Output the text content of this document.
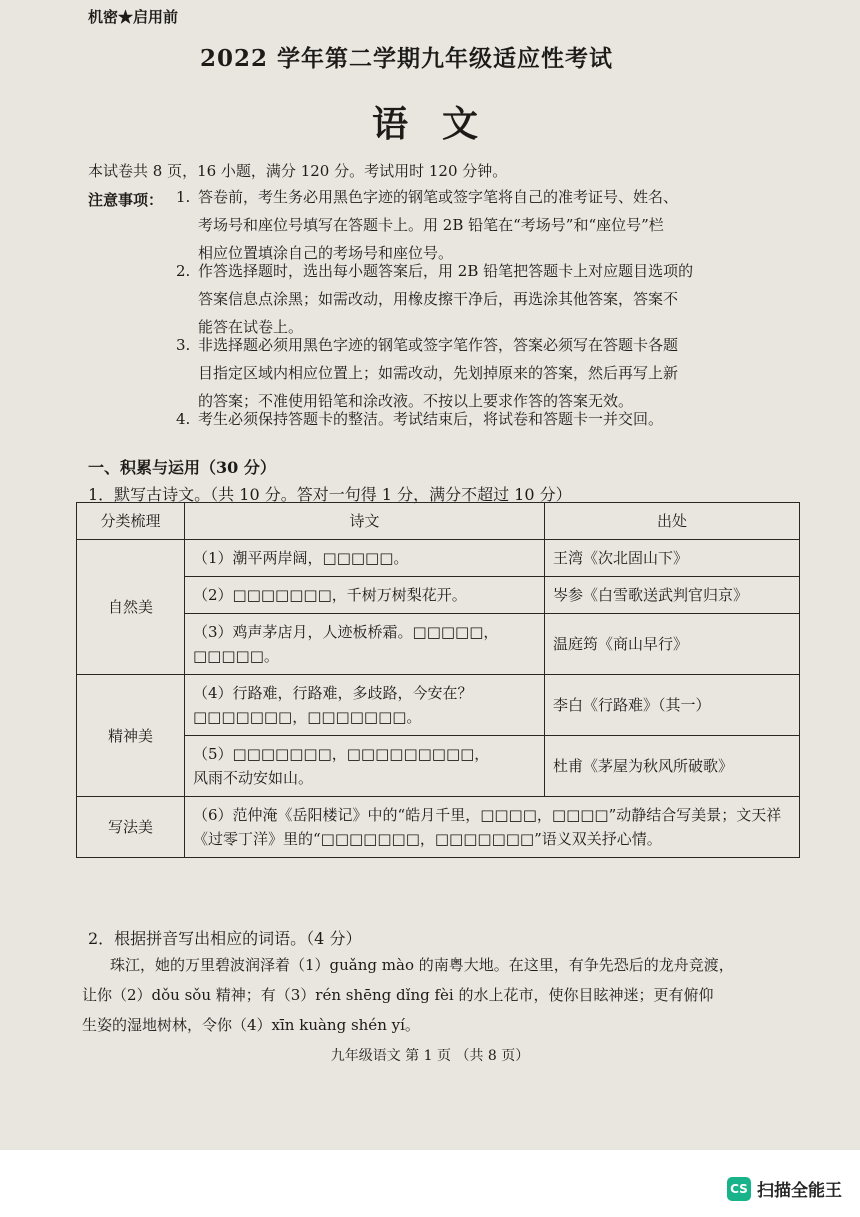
机密★启用前
2022 学年第二学期九年级适应性考试
语文
本试卷共 8 页，16 小题，满分 120 分。考试用时 120 分钟。
注意事项： 1. 答卷前，考生务必用黑色字迹的钢笔或签字笔将自己的准考证号、姓名、
考场号和座位号填写在答题卡上。用 2B 铅笔在“考场号”和“座位号”栏
相应位置填涂自己的考场号和座位号。
2. 作答选择题时，选出每小题答案后，用 2B 铅笔把答题卡上对应题目选项的
答案信息点涂黑；如需改动，用橡皮擦干净后，再选涂其他答案，答案不
能答在试卷上。
3. 非选择题必须用黑色字迹的钢笔或签字笔作答，答案必须写在答题卡各题
目指定区域内相应位置上；如需改动，先划掉原来的答案，然后再写上新
的答案；不准使用铅笔和涂改液。不按以上要求作答的答案无效。
4. 考生必须保持答题卡的整洁。考试结束后，将试卷和答题卡一并交回。
一、积累与运用（30 分）
1．默写古诗文。（共 10 分。答对一句得 1 分，满分不超过 10 分）
分类梳理	诗文	出处
自然美	（1）潮平两岸阔，□□□□□。	王湾《次北固山下》
	（2）□□□□□□□，千树万树梨花开。	岑参《白雪歌送武判官归京》

	（3）鸡声茅店月，人迹板桥霜。□□□□□，
□□□□□。	温庭筠《商山早行》
精神美	（4）行路难，行路难，多歧路，今安在？
□□□□□□□，□□□□□□□。	李白《行路难》（其一）

	（5）□□□□□□□，□□□□□□□□□，
风雨不动安如山。	杜甫《茅屋为秋风所破歌》
写法美	（6）范仲淹《岳阳楼记》中的“皓月千里，□□□□，□□□□”动静结合写美景；文天祥《过零丁洋》里的“□□□□□□□，□□□□□□□”语义双关抒心情。	
2．根据拼音写出相应的词语。（4 分）
珠江，她的万里碧波润泽着（1）guǎng mào 的南粤大地。在这里，有争先恐后的龙舟竞渡，
让你（2）dǒu sǒu 精神；有（3）rén shēng dǐng fèi 的水上花市，使你目眩神迷；更有俯仰
生姿的湿地树林，令你（4）xīn kuàng shén yí。
九年级语文 第 1 页 （共 8 页）
CS 扫描全能王
